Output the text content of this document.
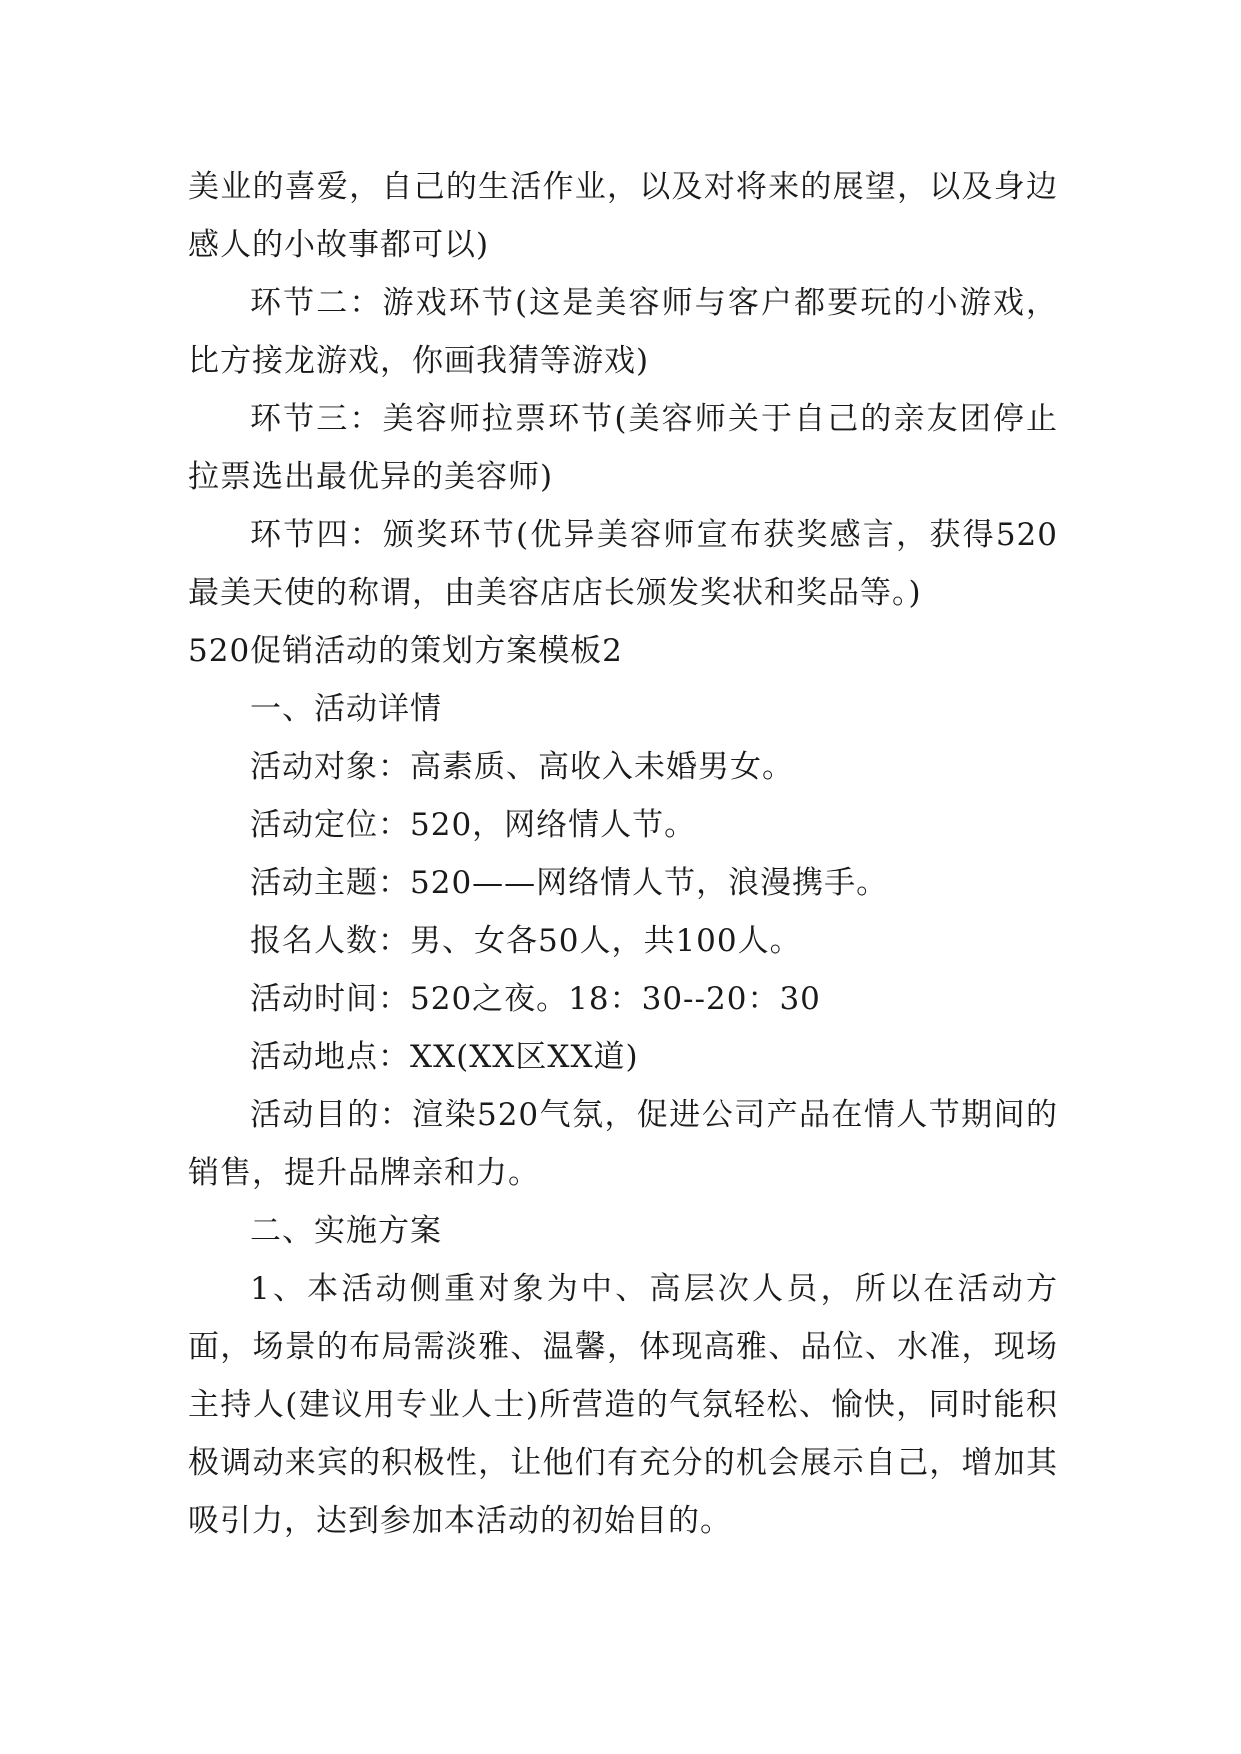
美业的喜爱，自己的生活作业，以及对将来的展望，以及身边感人的小故事都可以)

环节二：游戏环节(这是美容师与客户都要玩的小游戏，比方接龙游戏，你画我猜等游戏)

环节三：美容师拉票环节(美容师关于自己的亲友团停止拉票选出最优异的美容师)

环节四：颁奖环节(优异美容师宣布获奖感言，获得520最美天使的称谓，由美容店店长颁发奖状和奖品等。)

520促销活动的策划方案模板2

一、活动详情

活动对象：高素质、高收入未婚男女。

活动定位：520，网络情人节。

活动主题：520——网络情人节，浪漫携手。

报名人数：男、女各50人，共100人。

活动时间：520之夜。18：30--20：30

活动地点：XX(XX区XX道)

活动目的：渲染520气氛，促进公司产品在情人节期间的销售，提升品牌亲和力。

二、实施方案

1、本活动侧重对象为中、高层次人员，所以在活动方面，场景的布局需淡雅、温馨，体现高雅、品位、水准，现场主持人(建议用专业人士)所营造的气氛轻松、愉快，同时能积极调动来宾的积极性，让他们有充分的机会展示自己，增加其吸引力，达到参加本活动的初始目的。
